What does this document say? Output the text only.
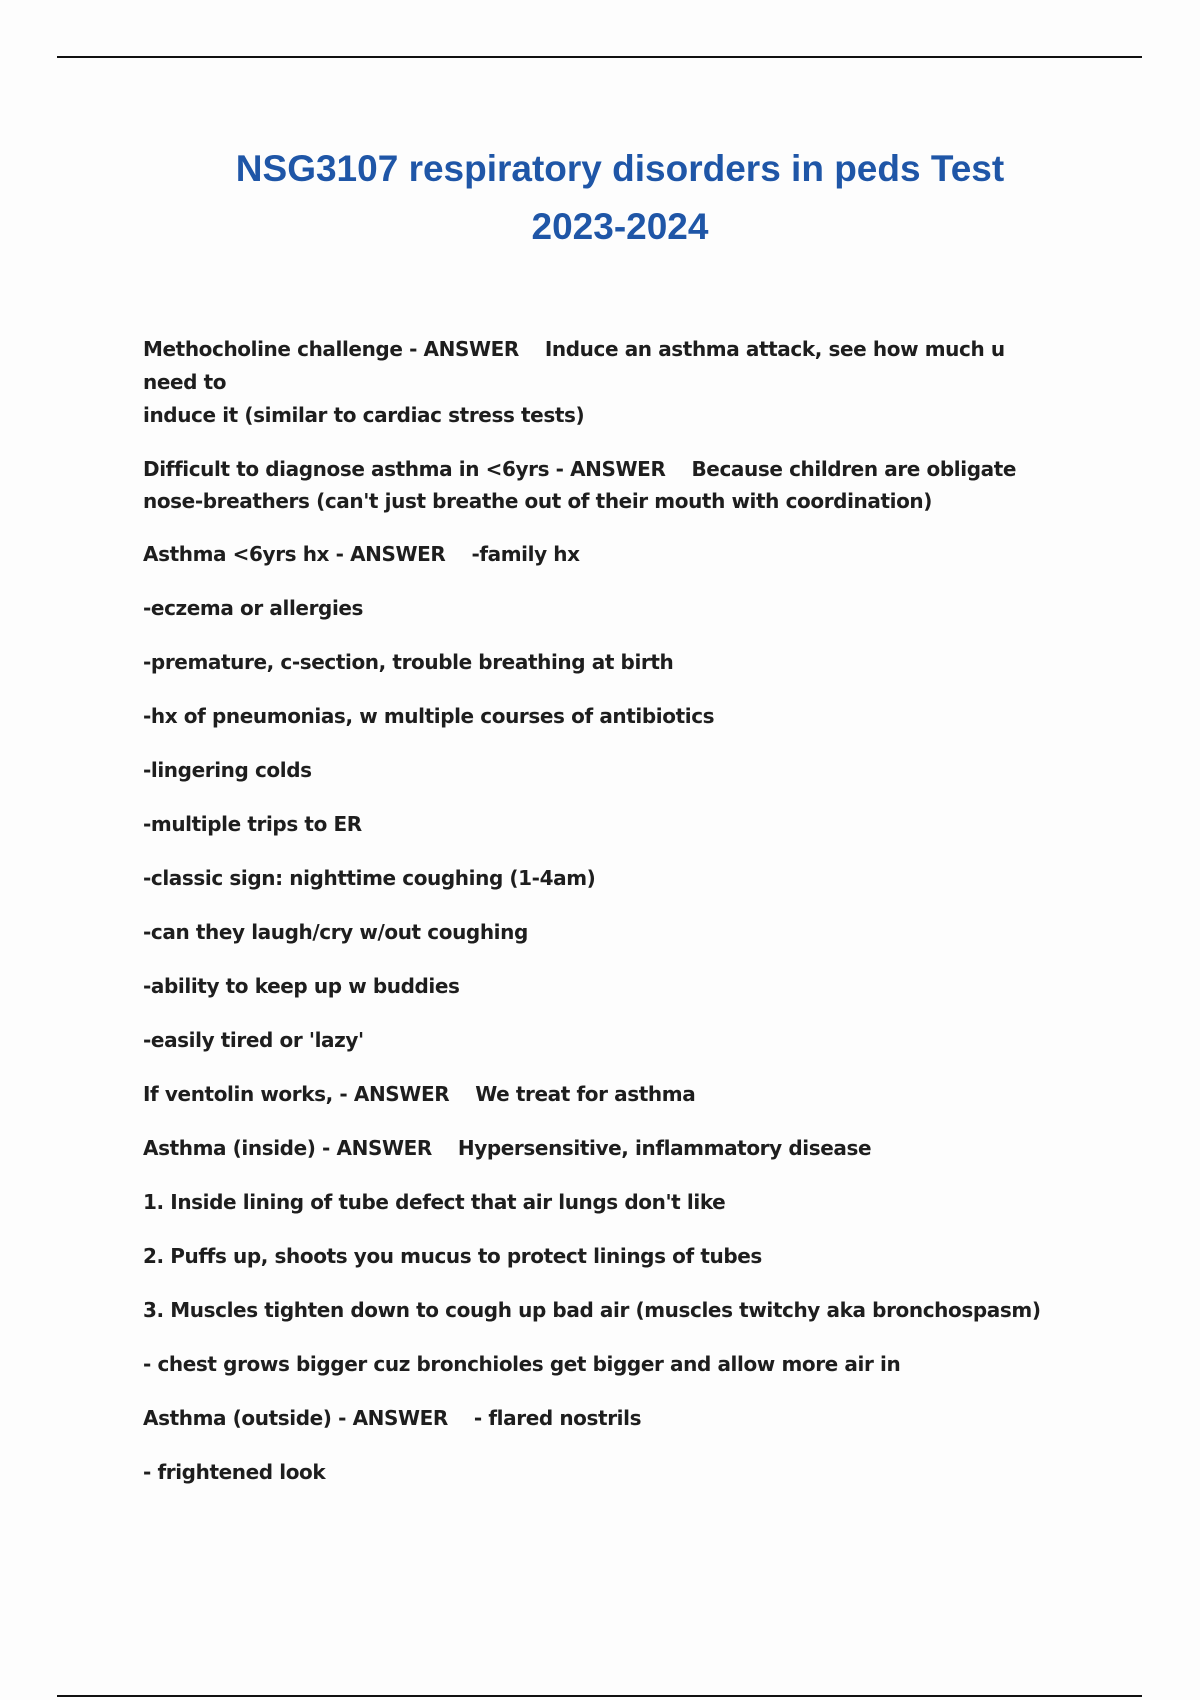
NSG3107 respiratory disorders in peds Test
2023-2024

Methocholine challenge - ANSWER Induce an asthma attack, see how much u need to
induce it (similar to cardiac stress tests)

Difficult to diagnose asthma in <6yrs - ANSWER Because children are obligate
nose-breathers (can't just breathe out of their mouth with coordination)

Asthma <6yrs hx - ANSWER -family hx

-eczema or allergies

-premature, c-section, trouble breathing at birth

-hx of pneumonias, w multiple courses of antibiotics

-lingering colds

-multiple trips to ER

-classic sign: nighttime coughing (1-4am)

-can they laugh/cry w/out coughing

-ability to keep up w buddies

-easily tired or 'lazy'

If ventolin works, - ANSWER We treat for asthma

Asthma (inside) - ANSWER Hypersensitive, inflammatory disease

1. Inside lining of tube defect that air lungs don't like

2. Puffs up, shoots you mucus to protect linings of tubes

3. Muscles tighten down to cough up bad air (muscles twitchy aka bronchospasm)

- chest grows bigger cuz bronchioles get bigger and allow more air in

Asthma (outside) - ANSWER - flared nostrils

- frightened look
